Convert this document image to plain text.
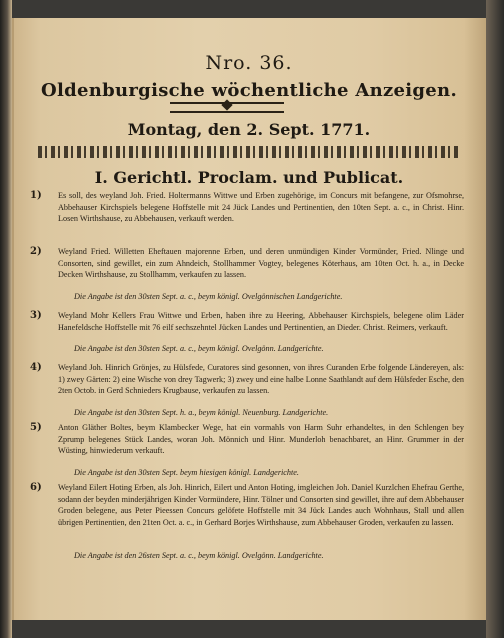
Nro. 36.
Oldenburgische wöchentliche Anzeigen.
Montag, den 2. Sept. 1771.
I. Gerichtl. Proclam. und Publicat.
1) Es soll, des weyland Joh. Fried. Holtermanns Wittwe und Erben zugehörige, im Concurs mit befangene, zur Ofsmohrse, Abbehauser Kirchspiels belegene Hoffstelle mit 24 Jück Landes und Pertinentien, den 10ten Sept. a. c., in Christ. Hinr. Losen Wirthshause, zu Abbehausen, verkauft werden.
2) Weyland Fried. Willetten Eheftauen majorenne Erben, und deren unmündigen Kinder Vormünder, Fried. Nlinge und Consorten, sind gewillet, ein zum Ahndeich, Stollhammer Vogtey, belegenes Köterhaus, am 10ten Oct. h. a., in Decke Decken Wirthshause, zu Stollhamm, verkaufen zu lassen.
Die Angabe ist den 30sten Sept. a. c., beym königl. Ovelgönnischen Landgerichte.
3) Weyland Mohr Kellers Frau Wittwe und Erben, haben ihre zu Heering, Abbehauser Kirchspiels, belegene olim Läder Hanefeldsche Hoffstelle mit 76 eilf sechszehntel Jücken Landes und Pertinentien, an Dieder. Christ. Reimers, verkauft.
Die Angabe ist den 30sten Sept. a. c., beym königl. Ovelgönn. Landgerichte.
4) Weyland Joh. Hinrich Grönjes, zu Hülsfede, Curatores sind gesonnen, von ihres Curanden Erbe folgende Ländereyen, als: 1) zwey Gärten: 2) eine Wische von drey Tagwerk; 3) zwey und eine halbe Lonne Saathlandt auf dem Hülsfeder Esche, den 2ten Octob. in Gerd Schnieders Krugbause, verkaufen zu lassen.
Die Angabe ist den 30sten Sept. h. a., beym königl. Neuenburg. Landgerichte.
5) Anton Gläther Boltes, beym Klambecker Wege, hat ein vormahls von Harm Suhr erhandeltes, in den Schlengen bey Zprump belegenes Stück Landes, woran Joh. Mönnich und Hinr. Munderloh benachbaret, an Hinr. Grummer in der Wüsting, hinwiederum verkauft.
Die Angabe ist den 30sten Sept. beym hiesigen königl. Landgerichte.
6) Weyland Eilert Hoting Erben, als Joh. Hinrich, Eilert und Anton Hoting, imgleichen Joh. Daniel Kurzlchen Ehefrau Gerthe, sodann der beyden minderjährigen Kinder Vormündere, Hinr. Tölner und Consorten sind gewillet, ihre auf dem Abbehauser Groden belegene, aus Peter Pieessen Concurs gelöfete Hoffstelle mit 34 Jück Landes auch Wohnhaus, Stall und allen übrigen Pertinentien, den 21ten Oct. a. c., in Gerhard Borjes Wirthshause, zum Abbehauser Groden, verkaufen zu lassen.
Die Angabe ist den 26sten Sept. a. c., beym königl. Ovelgönn. Landgerichte.
